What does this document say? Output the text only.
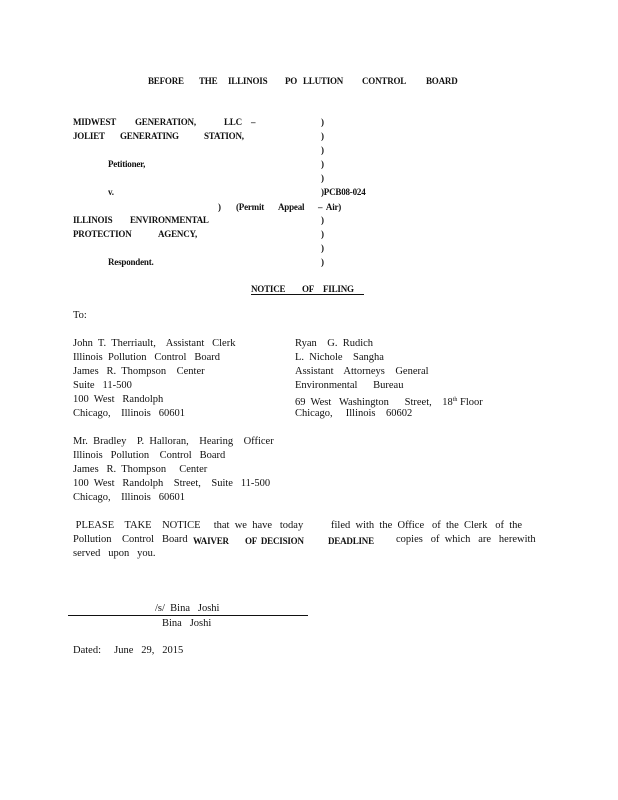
BEFORE THE ILLINOIS PO LLUTION CONTROL BOARD
MIDWEST GENERATION,	LLC –
JOLIET GENERATING	STATION,
Petitioner,
v.	)PCB08-024
) (Permit Appeal –  Air)
ILLINOIS ENVIRONMENTAL
PROTECTION	AGENCY,
Respondent.
)
)
)
)
)
)
)
)
)
NOTICE OF FILING
To:
John  T.  Therriault,    Assistant   Clerk
Illinois  Pollution   Control   Board
James   R.  Thompson    Center
Suite   11-500
100  West   Randolph
Chicago,    Illinois   60601
Ryan    G.  Rudich
L.  Nichole    Sangha
Assistant    Attorneys    General
Environmental      Bureau
69  West   Washington      Street,    18th Floor
Chicago,     Illinois    60602
Mr.  Bradley    P.  Halloran,    Hearing    Officer
Illinois   Pollution    Control   Board
James   R.  Thompson     Center
100  West   Randolph    Street,    Suite   11-500
Chicago,    Illinois   60601
PLEASE    TAKE    NOTICE     that  we  have   today	filed  with  the  Office   of  the  Clerk   of  the
Pollution    Control   Board WAIVER OF  DECISION	DEADLINE copies   of  which   are   herewith
served   upon   you.
/s/  Bina   Joshi
Bina   Joshi
Dated:     June   29,   2015
